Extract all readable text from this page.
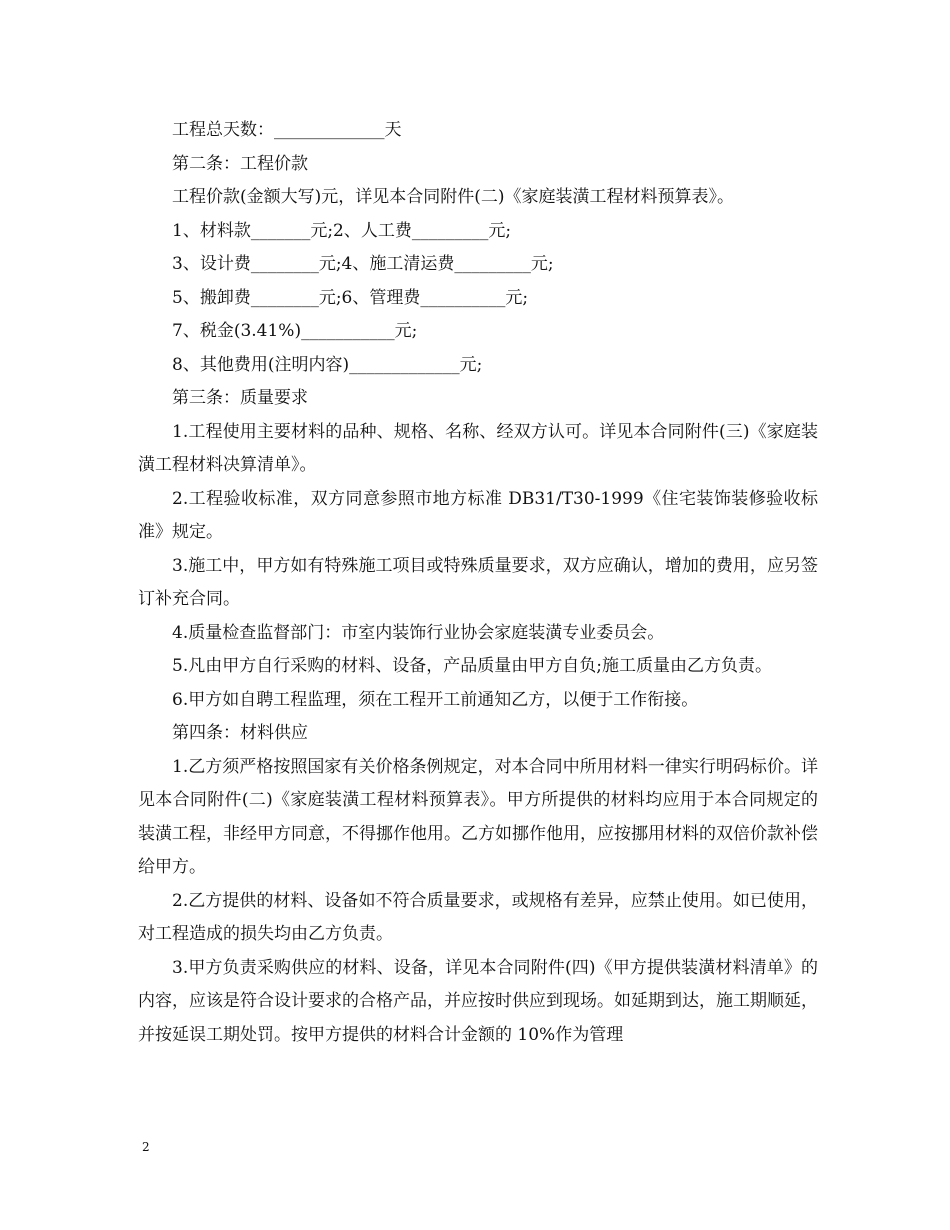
工程总天数：_____________天
第二条：工程价款
工程价款(金额大写)元，详见本合同附件(二)《家庭装潢工程材料预算表》。
1、材料款_______元;2、人工费_________元;
3、设计费________元;4、施工清运费_________元;
5、搬卸费________元;6、管理费__________元;
7、税金(3.41%)___________元;
8、其他费用(注明内容)_____________元;
第三条：质量要求

1.工程使用主要材料的品种、规格、名称、经双方认可。详见本合同附件(三)《家庭装潢工程材料决算清单》。

2.工程验收标准，双方同意参照市地方标准 DB31/T30-1999《住宅装饰装修验收标准》规定。

3.施工中，甲方如有特殊施工项目或特殊质量要求，双方应确认，增加的费用，应另签订补充合同。

4.质量检查监督部门：市室内装饰行业协会家庭装潢专业委员会。

5.凡由甲方自行采购的材料、设备，产品质量由甲方自负;施工质量由乙方负责。

6.甲方如自聘工程监理，须在工程开工前通知乙方，以便于工作衔接。

第四条：材料供应

1.乙方须严格按照国家有关价格条例规定，对本合同中所用材料一律实行明码标价。详见本合同附件(二)《家庭装潢工程材料预算表》。甲方所提供的材料均应用于本合同规定的装潢工程，非经甲方同意，不得挪作他用。乙方如挪作他用，应按挪用材料的双倍价款补偿给甲方。

2.乙方提供的材料、设备如不符合质量要求，或规格有差异，应禁止使用。如已使用，对工程造成的损失均由乙方负责。

3.甲方负责采购供应的材料、设备，详见本合同附件(四)《甲方提供装潢材料清单》的内容，应该是符合设计要求的合格产品，并应按时供应到现场。如延期到达，施工期顺延，并按延误工期处罚。按甲方提供的材料合计金额的 10%作为管理

2
